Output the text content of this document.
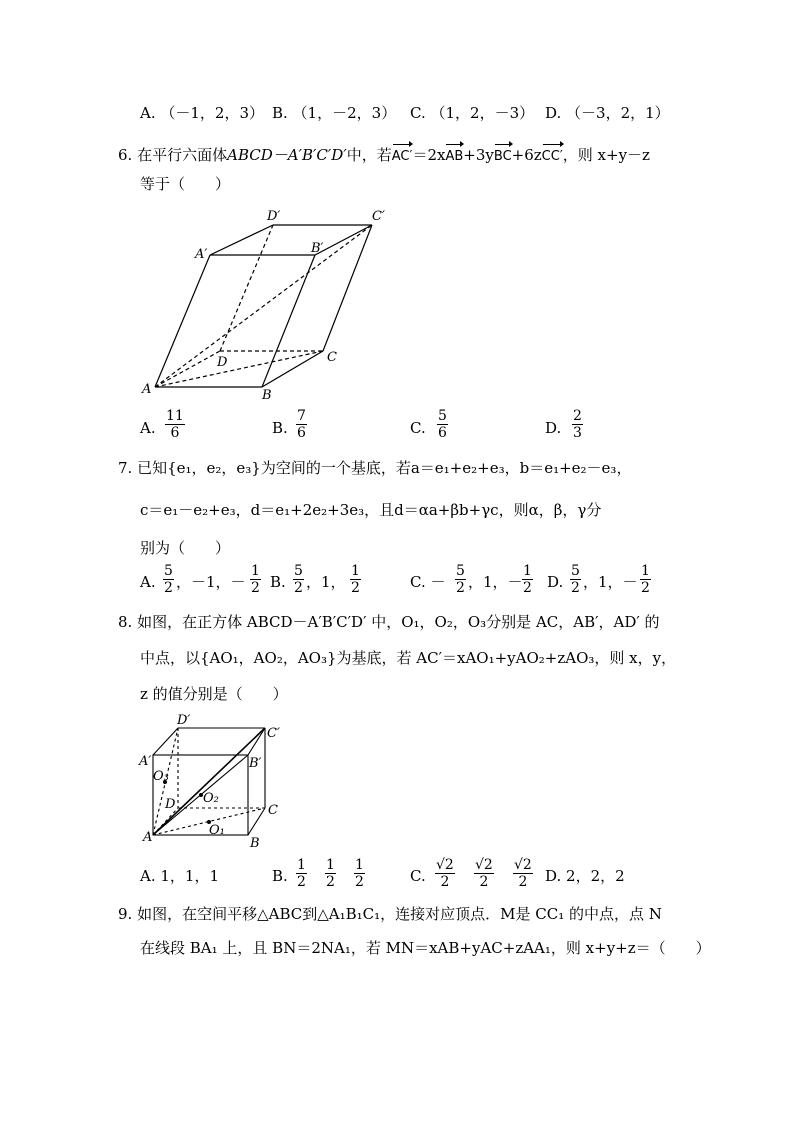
A. （－1，2，3） B. （1，－2，3） C. （1，2，－3） D. （－3，2，1）
6. 在平行六面体ABCD－A′B′C′D′中，若AC′＝2xAB+3yBC+6zCC′，则 x+y－z
等于（　　）
A	B
C
D
A′	B′
C′
D′
A. $\frac{11}{6}$	B. $\frac{7}{6}$	C. $\frac{5}{6}$	D. $\frac{2}{3}$
7. 已知{e₁，e₂，e₃}为空间的一个基底，若a＝e₁+e₂+e₃，b＝e₁+e₂－e₃，
c＝e₁－e₂+e₃，d＝e₁+2e₂+3e₃，且d＝αa+βb+γc，则α，β，γ分
别为（　　）
A. $\frac{5}{2}$ ，－1，－ $\frac{1}{2} B$. $\frac{5}{2}$ ，1， $\frac{1}{2}$	C. － $\frac{5}{2}$ ，1，－ $\frac{1}{2} D$. $\frac{5}{2}$ ，1，－ $\frac{1}{2}$
8. 如图，在正方体 ABCD－A′B′C′D′ 中，O₁，O₂，O₃分别是 AC，AB′，AD′ 的
中点，以{AO₁，AO₂，AO₃}为基底，若 AC′＝xAO₁+yAO₂+zAO₃，则 x，y，
z 的值分别是（　　）
A	B
C
D
A′	B′
C′
D′
O₁
O₂
O₃
A. 1，1，1	B. $\frac{1}{2} \frac{1}{2} \frac{1}{2}$	C. $\frac{√2}{2} \frac{√2}{2} \frac{√2}{2} D$. 2，2，2
9. 如图，在空间平移△ABC到△A₁B₁C₁，连接对应顶点．M是 CC₁ 的中点，点 N
在线段 BA₁ 上，且 BN＝2NA₁，若 MN＝xAB+yAC+zAA₁，则 x+y+z＝（　　）
